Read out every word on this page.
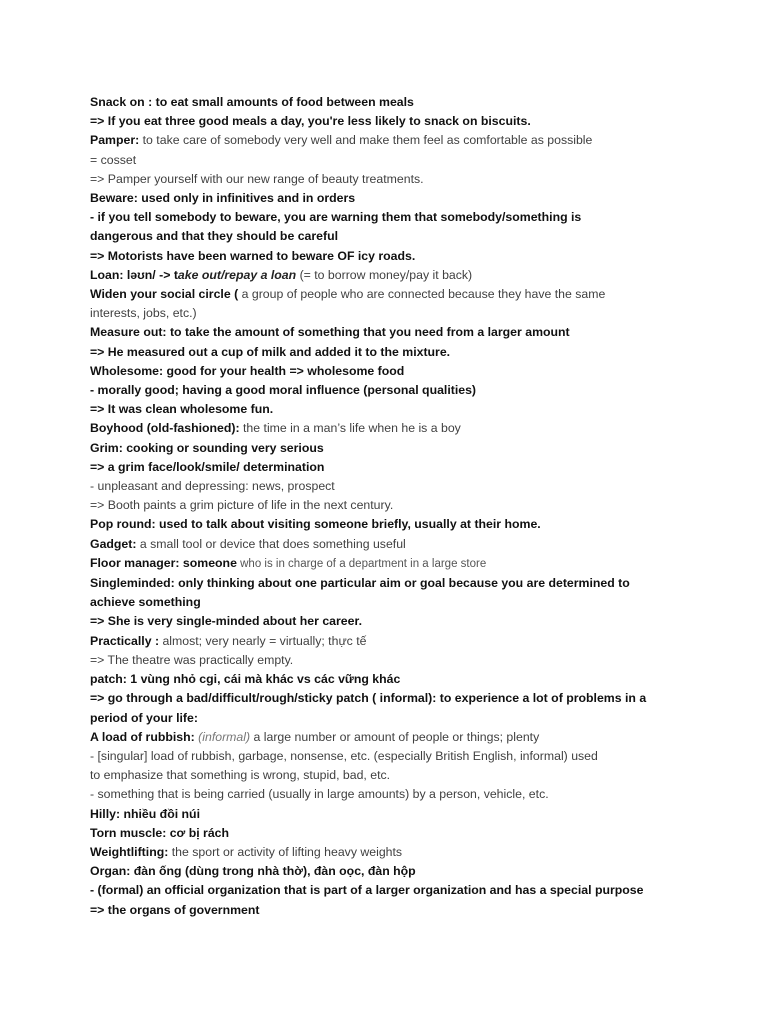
Snack on : to eat small amounts of food between meals
=> If you eat three good meals a day, you're less likely to snack on biscuits.
Pamper: to take care of somebody very well and make them feel as comfortable as possible
= cosset
=> Pamper yourself with our new range of beauty treatments.
Beware: used only in infinitives and in orders
- if you tell somebody to beware, you are warning them that somebody/something is
dangerous and that they should be careful
=> Motorists have been warned to beware OF icy roads.
Loan: ləʊn/ -> take out/repay a loan (= to borrow money/pay it back)
Widen your social circle ( a group of people who are connected because they have the same
interests, jobs, etc.)
Measure out: to take the amount of something that you need from a larger amount
=> He measured out a cup of milk and added it to the mixture.
Wholesome: good for your health => wholesome food
- morally good; having a good moral influence (personal qualities)
=> It was clean wholesome fun.
Boyhood (old-fashioned): the time in a man’s life when he is a boy
Grim: cooking or sounding very serious
=> a grim face/look/smile/ determination
- unpleasant and depressing: news, prospect
=> Booth paints a grim picture of life in the next century.
Pop round: used to talk about visiting someone briefly, usually at their home.
Gadget: a small tool or device that does something useful
Floor manager: someone who is in charge of a department in a large store
Singleminded: only thinking about one particular aim or goal because you are determined to
achieve something
=> She is very single-minded about her career.
Practically : almost; very nearly = virtually; thực tế
=> The theatre was practically empty.
patch: 1 vùng nhỏ cgi, cái mà khác vs các vững khác
=> go through a bad/difficult/rough/sticky patch ( informal): to experience a lot of problems in a
period of your life:
A load of rubbish: (informal) a large number or amount of people or things; plenty
- [singular] load of rubbish, garbage, nonsense, etc. (especially British English, informal) used
to emphasize that something is wrong, stupid, bad, etc.
- something that is being carried (usually in large amounts) by a person, vehicle, etc.
Hilly: nhiều đồi núi
Torn muscle: cơ bị rách
Weightlifting: the sport or activity of lifting heavy weights
Organ: đàn ống (dùng trong nhà thờ), đàn oọc, đàn hộp
- (formal) an official organization that is part of a larger organization and has a special purpose
=> the organs of government
